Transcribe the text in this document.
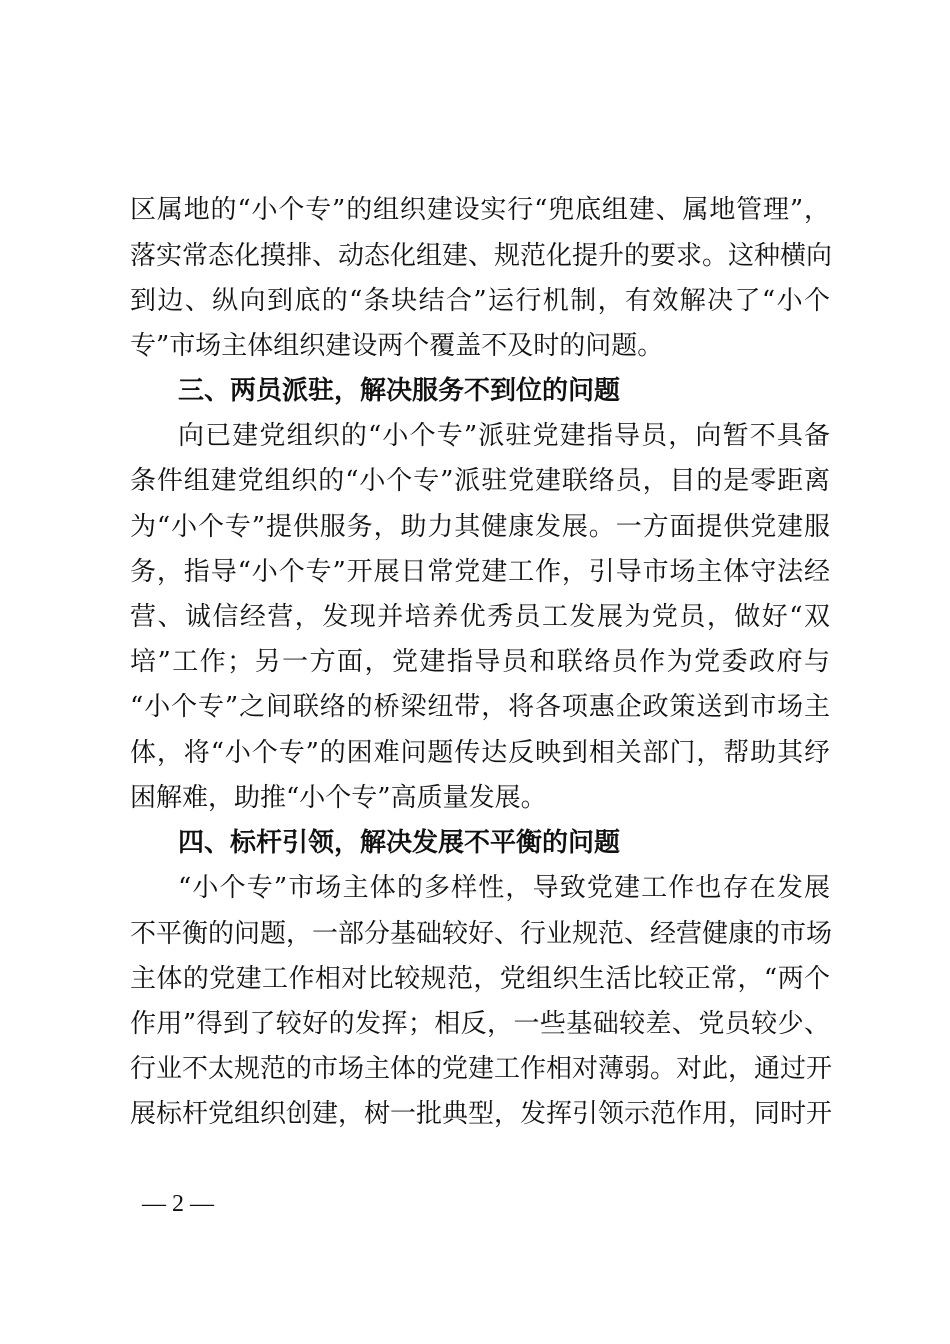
区属地的“小个专”的组织建设实行“兜底组建、属地管理”，
落实常态化摸排、动态化组建、规范化提升的要求。这种横向
到边、纵向到底的“条块结合”运行机制，有效解决了“小个
专”市场主体组织建设两个覆盖不及时的问题。
三、两员派驻，解决服务不到位的问题
向已建党组织的“小个专”派驻党建指导员，向暂不具备
条件组建党组织的“小个专”派驻党建联络员，目的是零距离
为“小个专”提供服务，助力其健康发展。一方面提供党建服
务，指导“小个专”开展日常党建工作，引导市场主体守法经
营、诚信经营，发现并培养优秀员工发展为党员，做好“双
培”工作；另一方面，党建指导员和联络员作为党委政府与
“小个专”之间联络的桥梁纽带，将各项惠企政策送到市场主
体，将“小个专”的困难问题传达反映到相关部门，帮助其纾
困解难，助推“小个专”高质量发展。
四、标杆引领，解决发展不平衡的问题
“小个专”市场主体的多样性，导致党建工作也存在发展
不平衡的问题，一部分基础较好、行业规范、经营健康的市场
主体的党建工作相对比较规范，党组织生活比较正常，“两个
作用”得到了较好的发挥；相反，一些基础较差、党员较少、
行业不太规范的市场主体的党建工作相对薄弱。对此，通过开
展标杆党组织创建，树一批典型，发挥引领示范作用，同时开
— 2 —
